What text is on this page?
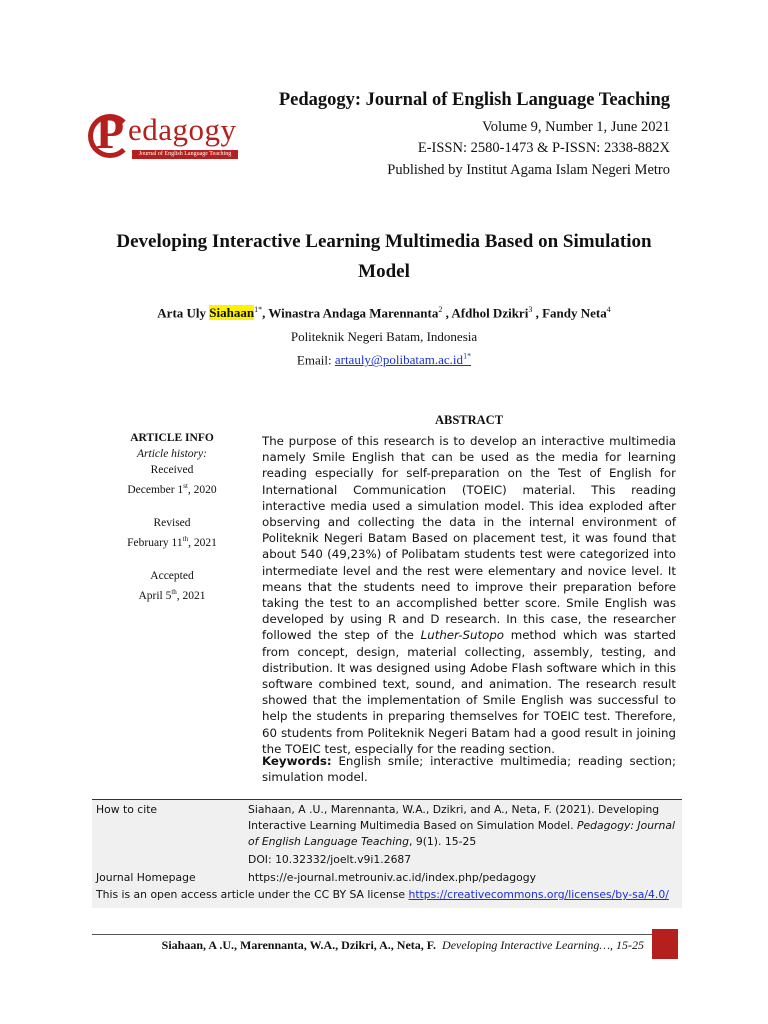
P edagogy
Journal of English Language Teaching
Pedagogy: Journal of English Language Teaching
Volume 9, Number 1, June 2021
E-ISSN: 2580-1473 & P-ISSN: 2338-882X
Published by Institut Agama Islam Negeri Metro
Developing Interactive Learning Multimedia Based on Simulation
Model
Arta Uly Siahaan$^{1*}$, Winastra Andaga Marennanta$^2$ , Afdhol Dzikri$^3$ , Fandy Neta$^4$
Politeknik Negeri Batam, Indonesia
Email: $artauly@polibatam.ac.id^{1*}$
ABSTRACT
ARTICLE INFO
Article history:
Received
December 1st, 2020
Revised
February 11th, 2021
Accepted
April 5th, 2021
The purpose of this research is to develop an interactive multimedia namely Smile English that can be used as the media for learning reading especially for self-preparation on the Test of English for International Communication (TOEIC) material. This reading interactive media used a simulation model. This idea exploded after observing and collecting the data in the internal environment of Politeknik Negeri Batam Based on placement test, it was found that about 540 (49,23%) of Polibatam students test were categorized into intermediate level and the rest were elementary and novice level. It means that the students need to improve their preparation before taking the test to an accomplished better score. Smile English was developed by using R and D research. In this case, the researcher followed the step of the Luther-Sutopo method which was started from concept, design, material collecting, assembly, testing, and distribution. It was designed using Adobe Flash software which in this software combined text, sound, and animation. The research result showed that the implementation of Smile English was successful to help the students in preparing themselves for TOEIC test. Therefore, 60 students from Politeknik Negeri Batam had a good result in joining the TOEIC test, especially for the reading section.
Keywords: English smile; interactive multimedia; reading section; simulation model.
How to cite	Siahaan, A .U., Marennanta, W.A., Dzikri, and A., Neta, F. (2021). Developing Interactive Learning Multimedia Based on Simulation Model. Pedagogy: Journal of English Language Teaching, 9(1). 15-25
DOI: 10.32332/joelt.v9i1.2687
Journal Homepage	https://e-journal.metrouniv.ac.id/index.php/pedagogy
This is an open access article under the CC BY SA license https://creativecommons.org/licenses/by-sa/4.0/
Siahaan, A .U., Marennanta, W.A., Dzikri, A., Neta, F. Developing Interactive Learning…, 15-25
